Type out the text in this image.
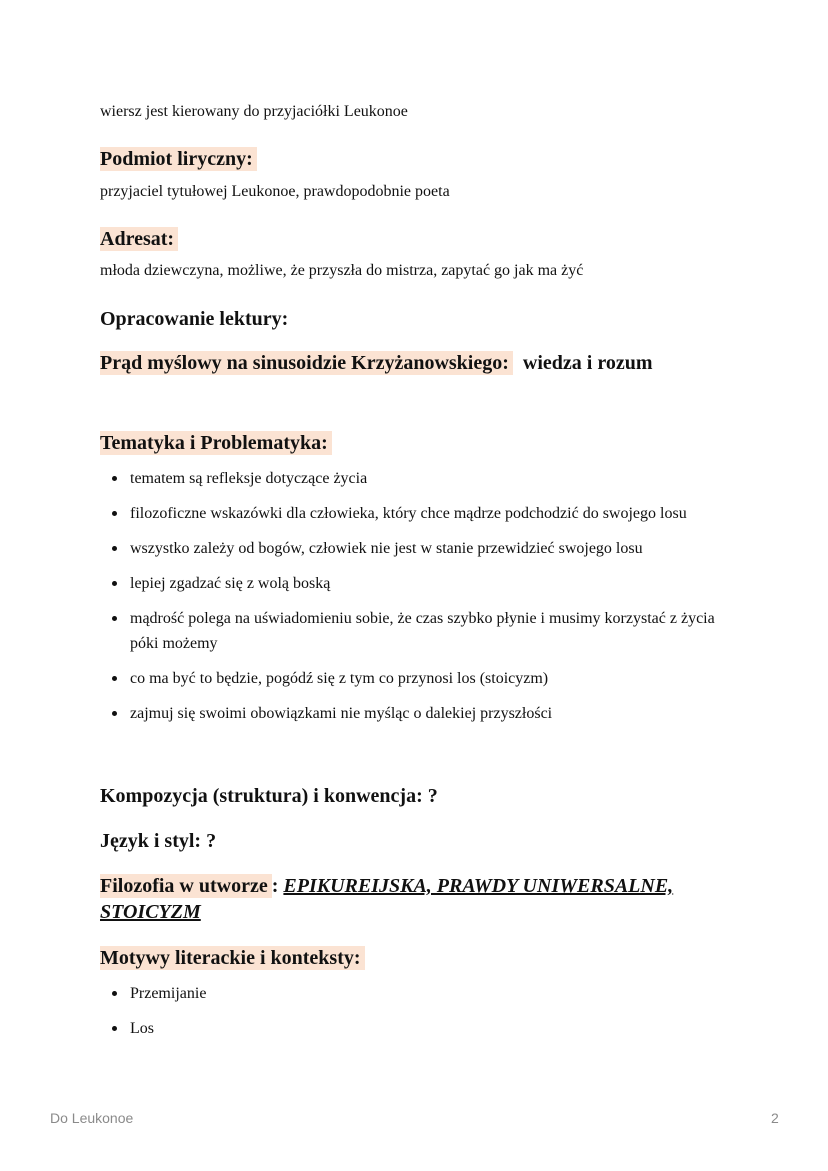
wiersz jest kierowany do przyjaciółki Leukonoe

Podmiot liryczny:

przyjaciel tytułowej Leukonoe, prawdopodobnie poeta

Adresat:

młoda dziewczyna, możliwe, że przyszła do mistrza, zapytać go jak ma żyć

Opracowanie lektury:

Prąd myślowy na sinusoidzie Krzyżanowskiego: wiedza i rozum

Tematyka i Problematyka:

tematem są refleksje dotyczące życia
filozoficzne wskazówki dla człowieka, który chce mądrze podchodzić do swojego losu
wszystko zależy od bogów, człowiek nie jest w stanie przewidzieć swojego losu
lepiej zgadzać się z wolą boską
mądrość polega na uświadomieniu sobie, że czas szybko płynie i musimy korzystać z życia póki możemy
co ma być to będzie, pogódź się z tym co przynosi los (stoicyzm)
zajmuj się swoimi obowiązkami nie myśląc o dalekiej przyszłości

Kompozycja (struktura) i konwencja: ?

Język i styl: ?

Filozofia w utworze : EPIKUREIJSKA, PRAWDY UNIWERSALNE, STOICYZM

Motywy literackie i konteksty:

Przemijanie
Los
Do Leukonoe	2
